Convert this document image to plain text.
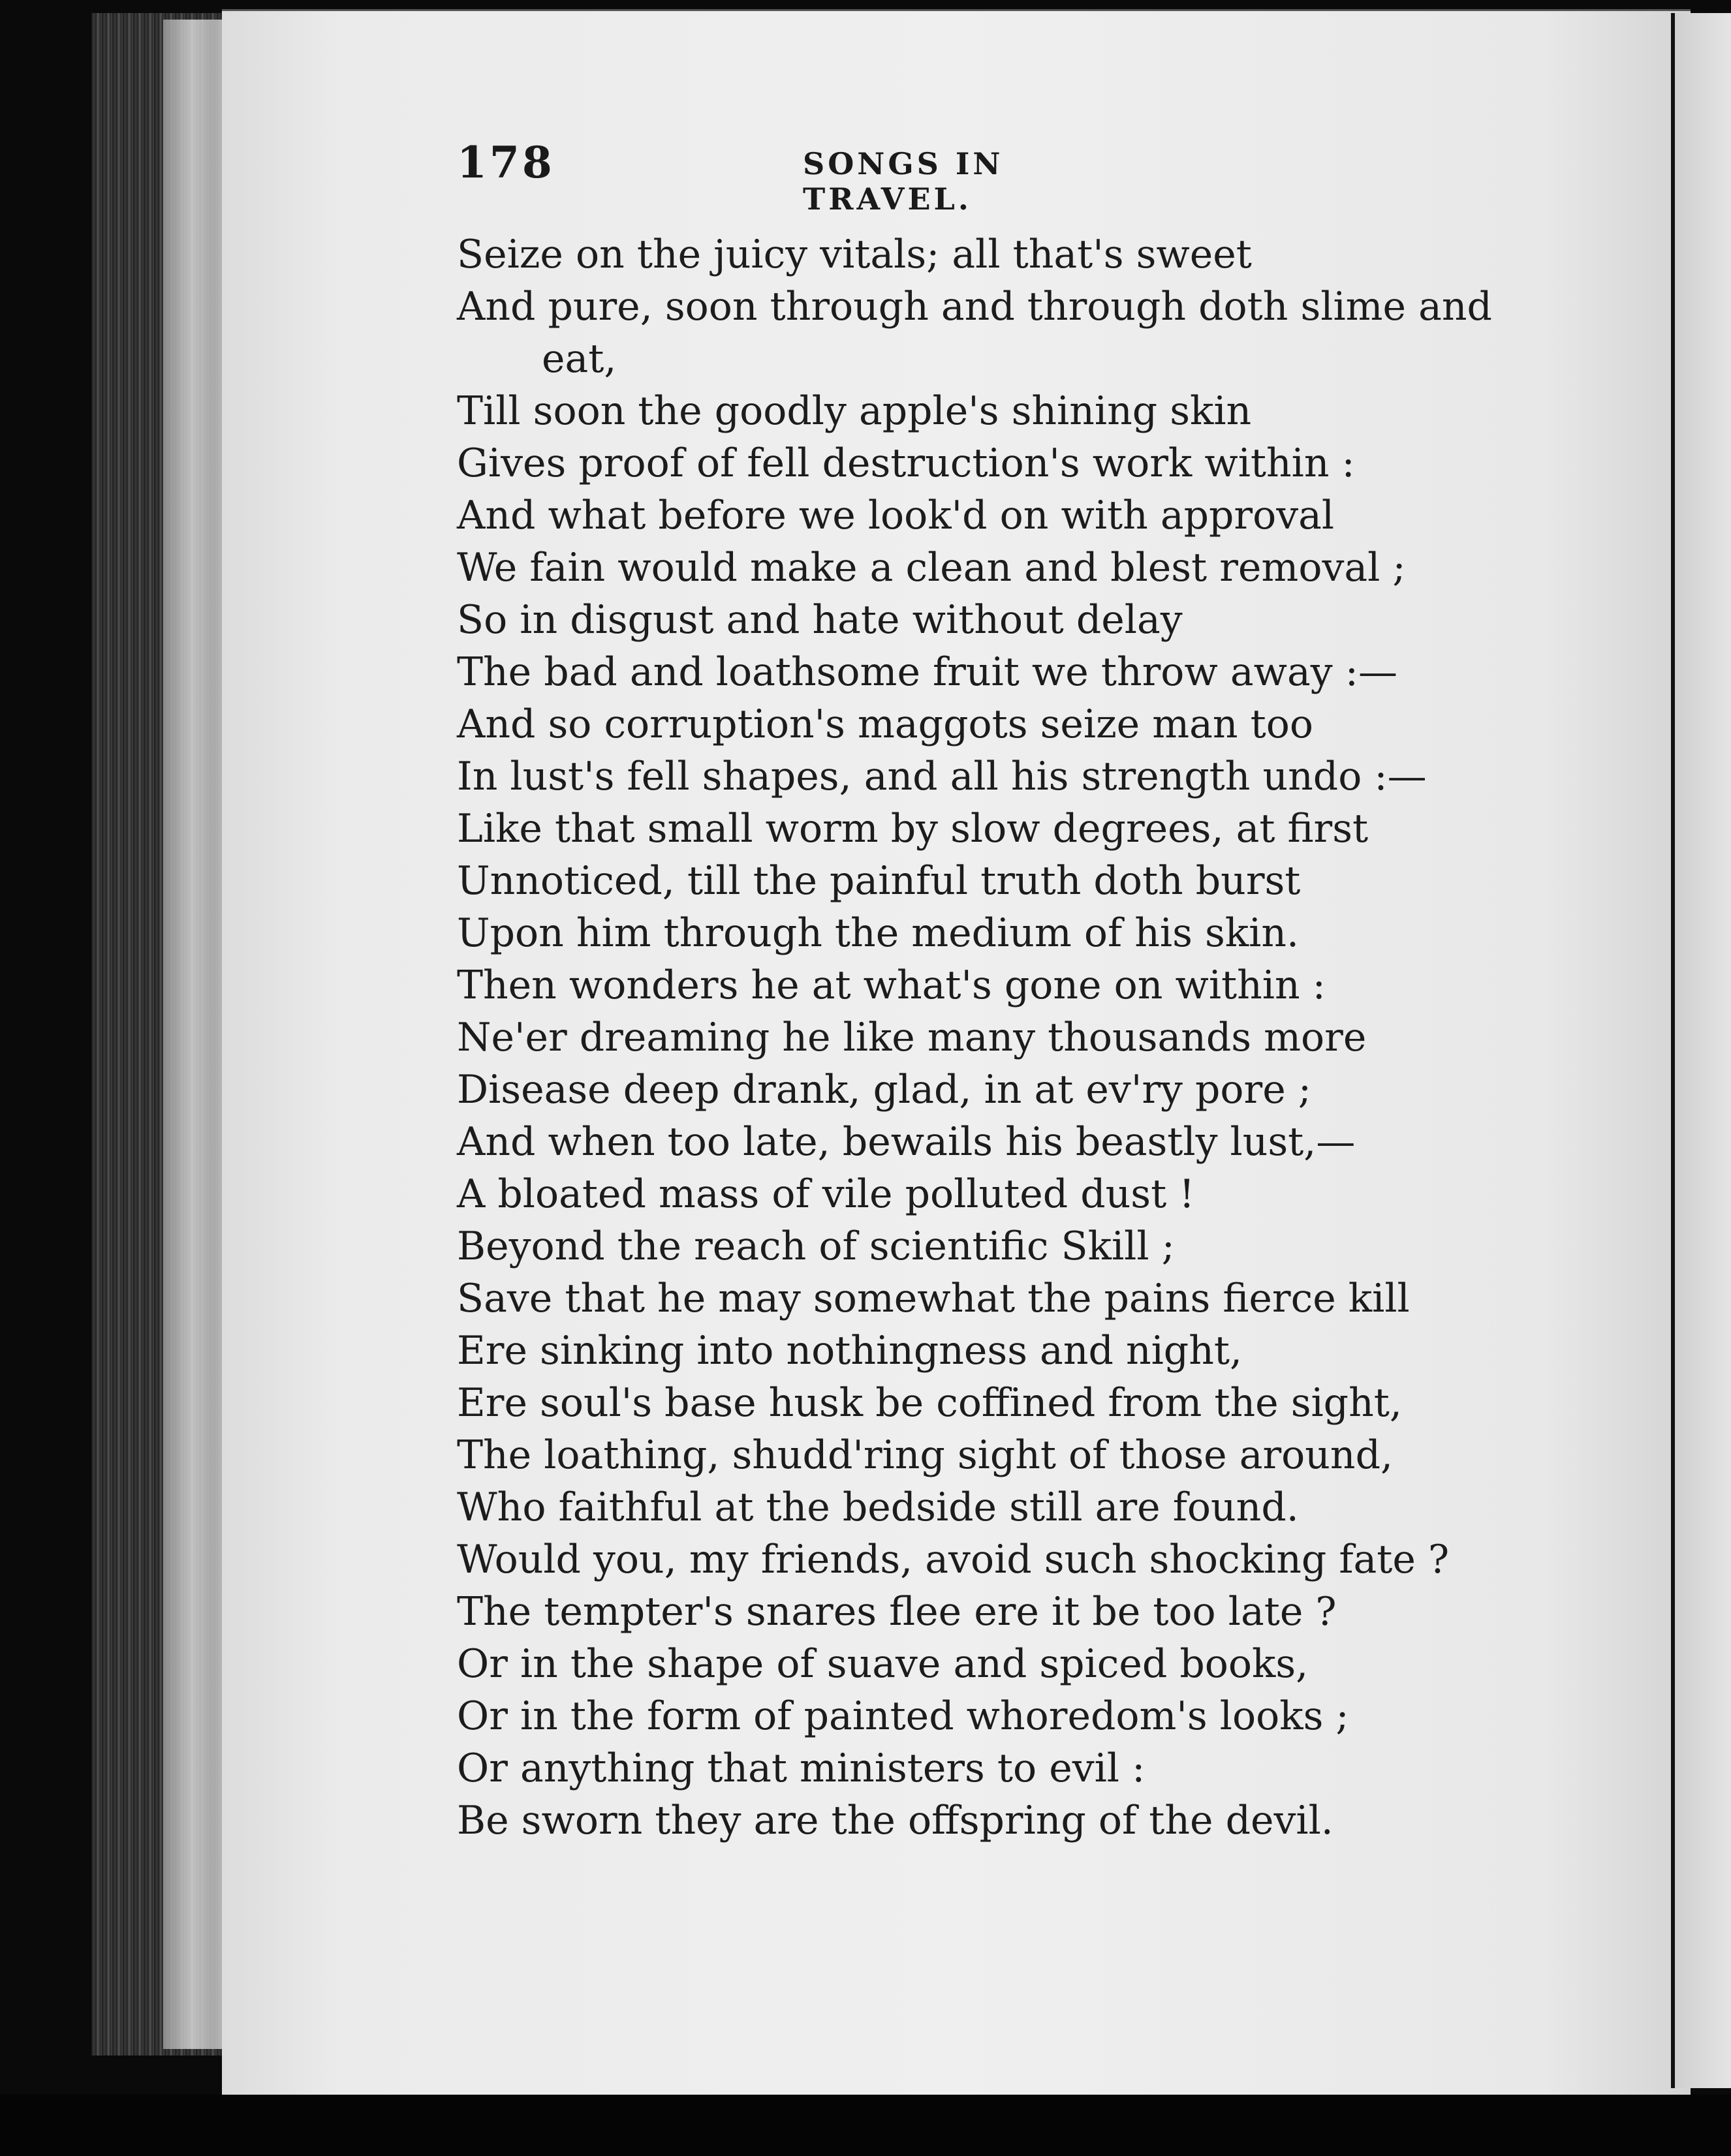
178	SONGS IN TRAVEL.
Seize on the juicy vitals; all that's sweet
And pure, soon through and through doth slime and
eat,
Till soon the goodly apple's shining skin
Gives proof of fell destruction's work within :
And what before we look'd on with approval
We fain would make a clean and blest removal ;
So in disgust and hate without delay
The bad and loathsome fruit we throw away :—
And so corruption's maggots seize man too
In lust's fell shapes, and all his strength undo :—
Like that small worm by slow degrees, at first
Unnoticed, till the painful truth doth burst
Upon him through the medium of his skin.
Then wonders he at what's gone on within :
Ne'er dreaming he like many thousands more
Disease deep drank, glad, in at ev'ry pore ;
And when too late, bewails his beastly lust,—
A bloated mass of vile polluted dust !
Beyond the reach of scientific Skill ;
Save that he may somewhat the pains fierce kill
Ere sinking into nothingness and night,
Ere soul's base husk be coffined from the sight,
The loathing, shudd'ring sight of those around,
Who faithful at the bedside still are found.
Would you, my friends, avoid such shocking fate ?
The tempter's snares flee ere it be too late ?
Or in the shape of suave and spiced books,
Or in the form of painted whoredom's looks ;
Or anything that ministers to evil :
Be sworn they are the offspring of the devil.
